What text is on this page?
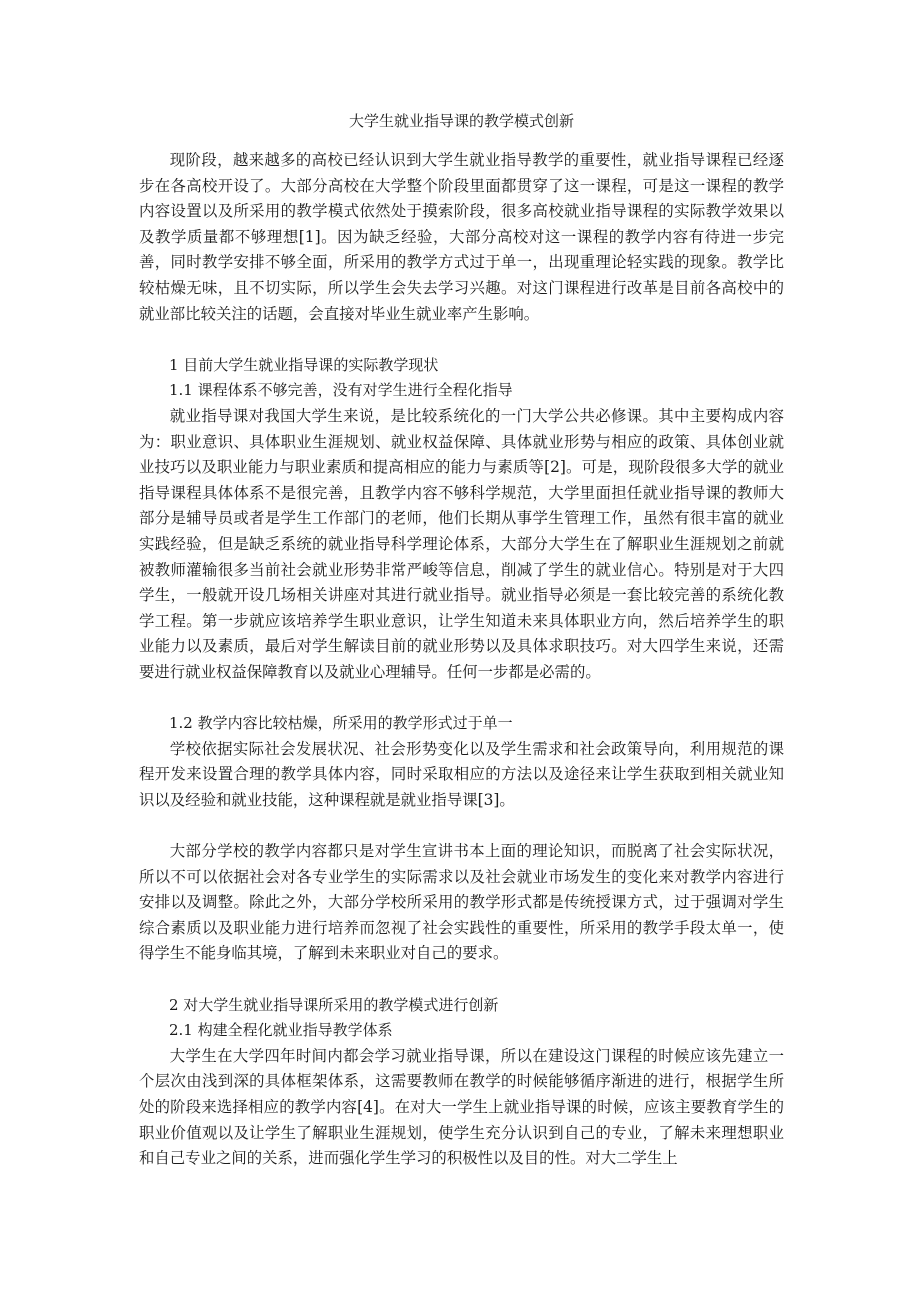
大学生就业指导课的教学模式创新

现阶段，越来越多的高校已经认识到大学生就业指导教学的重要性，就业指导课程已经逐步在各高校开设了。大部分高校在大学整个阶段里面都贯穿了这一课程，可是这一课程的教学内容设置以及所采用的教学模式依然处于摸索阶段，很多高校就业指导课程的实际教学效果以及教学质量都不够理想[1]。因为缺乏经验，大部分高校对这一课程的教学内容有待进一步完善，同时教学安排不够全面，所采用的教学方式过于单一，出现重理论轻实践的现象。教学比较枯燥无味，且不切实际，所以学生会失去学习兴趣。对这门课程进行改革是目前各高校中的就业部比较关注的话题，会直接对毕业生就业率产生影响。

1 目前大学生就业指导课的实际教学现状
1.1 课程体系不够完善，没有对学生进行全程化指导

就业指导课对我国大学生来说，是比较系统化的一门大学公共必修课。其中主要构成内容为：职业意识、具体职业生涯规划、就业权益保障、具体就业形势与相应的政策、具体创业就业技巧以及职业能力与职业素质和提高相应的能力与素质等[2]。可是，现阶段很多大学的就业指导课程具体体系不是很完善，且教学内容不够科学规范，大学里面担任就业指导课的教师大部分是辅导员或者是学生工作部门的老师，他们长期从事学生管理工作，虽然有很丰富的就业实践经验，但是缺乏系统的就业指导科学理论体系，大部分大学生在了解职业生涯规划之前就被教师灌输很多当前社会就业形势非常严峻等信息，削减了学生的就业信心。特别是对于大四学生，一般就开设几场相关讲座对其进行就业指导。就业指导必须是一套比较完善的系统化教学工程。第一步就应该培养学生职业意识，让学生知道未来具体职业方向，然后培养学生的职业能力以及素质，最后对学生解读目前的就业形势以及具体求职技巧。对大四学生来说，还需要进行就业权益保障教育以及就业心理辅导。任何一步都是必需的。

1.2 教学内容比较枯燥，所采用的教学形式过于单一

学校依据实际社会发展状况、社会形势变化以及学生需求和社会政策导向，利用规范的课程开发来设置合理的教学具体内容，同时采取相应的方法以及途径来让学生获取到相关就业知识以及经验和就业技能，这种课程就是就业指导课[3]。

大部分学校的教学内容都只是对学生宣讲书本上面的理论知识，而脱离了社会实际状况，所以不可以依据社会对各专业学生的实际需求以及社会就业市场发生的变化来对教学内容进行安排以及调整。除此之外，大部分学校所采用的教学形式都是传统授课方式，过于强调对学生综合素质以及职业能力进行培养而忽视了社会实践性的重要性，所采用的教学手段太单一，使得学生不能身临其境，了解到未来职业对自己的要求。

2 对大学生就业指导课所采用的教学模式进行创新
2.1 构建全程化就业指导教学体系

大学生在大学四年时间内都会学习就业指导课，所以在建设这门课程的时候应该先建立一个层次由浅到深的具体框架体系，这需要教师在教学的时候能够循序渐进的进行，根据学生所处的阶段来选择相应的教学内容[4]。在对大一学生上就业指导课的时候，应该主要教育学生的职业价值观以及让学生了解职业生涯规划，使学生充分认识到自己的专业，了解未来理想职业和自己专业之间的关系，进而强化学生学习的积极性以及目的性。对大二学生上
